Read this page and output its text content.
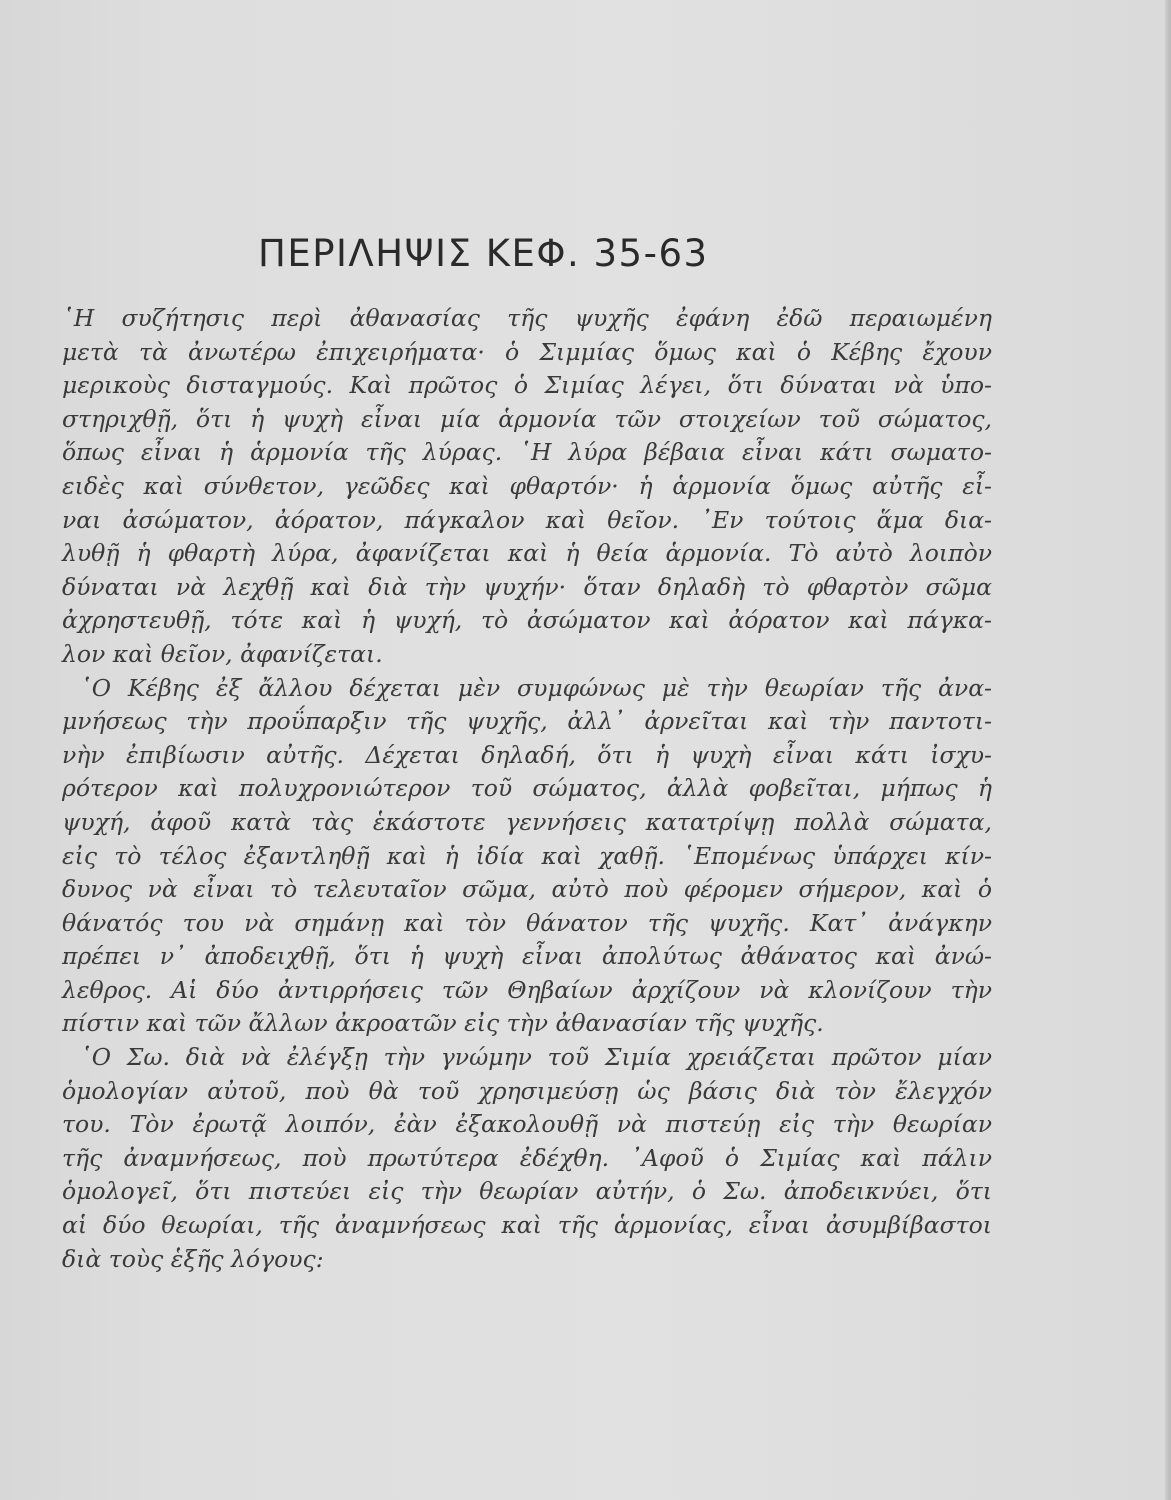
ΠΕΡΙΛΗΨΙΣ ΚΕΦ. 35-63
῾Η συζήτησις περὶ ἀθανασίας τῆς ψυχῆς ἐφάνη ἐδῶ περαιωμένη
μετὰ τὰ ἀνωτέρω ἐπιχειρήματα· ὁ Σιμμίας ὅμως καὶ ὁ Κέβης ἔχουν
μερικοὺς δισταγμούς. Καὶ πρῶτος ὁ Σιμίας λέγει, ὅτι δύναται νὰ ὑπο-
στηριχθῇ, ὅτι ἡ ψυχὴ εἶναι μία ἁρμονία τῶν στοιχείων τοῦ σώματος,
ὅπως εἶναι ἡ ἁρμονία τῆς λύρας. ῾Η λύρα βέβαια εἶναι κάτι σωματο-
ειδὲς καὶ σύνθετον, γεῶδες καὶ φθαρτόν· ἡ ἁρμονία ὅμως αὐτῆς εἶ-
ναι ἀσώματον, ἀόρατον, πάγκαλον καὶ θεῖον. ᾿Εν τούτοις ἅμα δια-
λυθῇ ἡ φθαρτὴ λύρα, ἀφανίζεται καὶ ἡ θεία ἁρμονία. Τὸ αὐτὸ λοιπὸν
δύναται νὰ λεχθῇ καὶ διὰ τὴν ψυχήν· ὅταν δηλαδὴ τὸ φθαρτὸν σῶμα
ἀχρηστευθῇ, τότε καὶ ἡ ψυχή, τὸ ἀσώματον καὶ ἀόρατον καὶ πάγκα-
λον καὶ θεῖον, ἀφανίζεται.
῾Ο Κέβης ἐξ ἄλλου δέχεται μὲν συμφώνως μὲ τὴν θεωρίαν τῆς ἀνα-
μνήσεως τὴν προΰπαρξιν τῆς ψυχῆς, ἀλλ᾿ ἀρνεῖται καὶ τὴν παντοτι-
νὴν ἐπιβίωσιν αὐτῆς. Δέχεται δηλαδή, ὅτι ἡ ψυχὴ εἶναι κάτι ἰσχυ-
ρότερον καὶ πολυχρονιώτερον τοῦ σώματος, ἀλλὰ φοβεῖται, μήπως ἡ
ψυχή, ἀφοῦ κατὰ τὰς ἑκάστοτε γεννήσεις κατατρίψῃ πολλὰ σώματα,
εἰς τὸ τέλος ἐξαντληθῇ καὶ ἡ ἰδία καὶ χαθῇ. ῾Επομένως ὑπάρχει κίν-
δυνος νὰ εἶναι τὸ τελευταῖον σῶμα, αὐτὸ ποὺ φέρομεν σήμερον, καὶ ὁ
θάνατός του νὰ σημάνῃ καὶ τὸν θάνατον τῆς ψυχῆς. Κατ᾿ ἀνάγκην
πρέπει ν᾿ ἀποδειχθῇ, ὅτι ἡ ψυχὴ εἶναι ἀπολύτως ἀθάνατος καὶ ἀνώ-
λεθρος. Αἱ δύο ἀντιρρήσεις τῶν Θηβαίων ἀρχίζουν νὰ κλονίζουν τὴν
πίστιν καὶ τῶν ἄλλων ἀκροατῶν εἰς τὴν ἀθανασίαν τῆς ψυχῆς.
῾Ο Σω. διὰ νὰ ἐλέγξῃ τὴν γνώμην τοῦ Σιμία χρειάζεται πρῶτον μίαν
ὁμολογίαν αὐτοῦ, ποὺ θὰ τοῦ χρησιμεύσῃ ὡς βάσις διὰ τὸν ἔλεγχόν
του. Τὸν ἐρωτᾷ λοιπόν, ἐὰν ἐξακολουθῇ νὰ πιστεύῃ εἰς τὴν θεωρίαν
τῆς ἀναμνήσεως, ποὺ πρωτύτερα ἐδέχθη. ᾿Αφοῦ ὁ Σιμίας καὶ πάλιν
ὁμολογεῖ, ὅτι πιστεύει εἰς τὴν θεωρίαν αὐτήν, ὁ Σω. ἀποδεικνύει, ὅτι
αἱ δύο θεωρίαι, τῆς ἀναμνήσεως καὶ τῆς ἁρμονίας, εἶναι ἀσυμβίβαστοι
διὰ τοὺς ἑξῆς λόγους:
